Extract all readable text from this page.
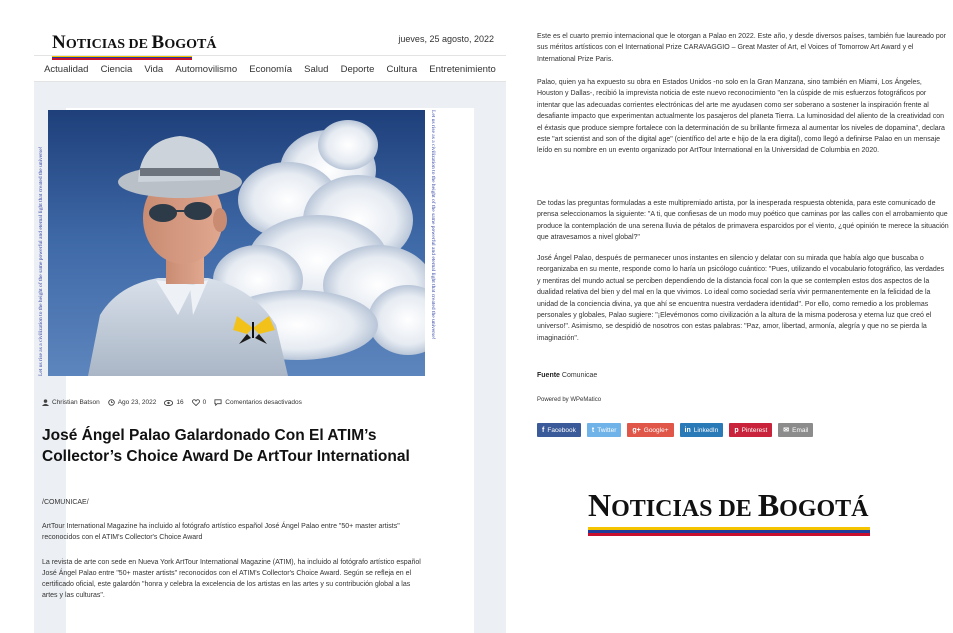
NOTICIAS DE BOGOTÁ	jueves, 25 agosto, 2022
Actualidad Ciencia Vida Automovilismo Economía Salud Deporte Cultura Entretenimiento
Let us rise as a civilization to the height of the same powerful and eternal light that created the universe!	Let us rise as a civilization to the height of the same powerful and eternal light that created the universe!
Christian Batson	Ago 23, 2022	16	0	Comentarios desactivados
José Ángel Palao Galardonado Con El ATIM’s Collector’s Choice Award De ArtTour International
/COMUNICAE/

ArtTour International Magazine ha incluido al fotógrafo artístico español José Ángel Palao entre "50+ master artists" reconocidos con el ATIM's Collector's Choice Award

La revista de arte con sede en Nueva York ArtTour International Magazine (ATIM), ha incluido al fotógrafo artístico español José Ángel Palao entre "50+ master artists" reconocidos con el ATIM's Collector's Choice Award. Según se refleja en el certificado oficial, este galardón "honra y celebra la excelencia de los artistas en las artes y su contribución global a las artes y las culturas".

Este es el cuarto premio internacional que le otorgan a Palao en 2022. Este año, y desde diversos países, también fue laureado por sus méritos artísticos con el International Prize CARAVAGGIO – Great Master of Art, el Voices of Tomorrow Art Award y el International Prize Paris.

Palao, quien ya ha expuesto su obra en Estados Unidos -no solo en la Gran Manzana, sino también en Miami, Los Ángeles, Houston y Dallas-, recibió la imprevista noticia de este nuevo reconocimiento "en la cúspide de mis esfuerzos fotográficos por intentar que las adecuadas corrientes electrónicas del arte me ayudasen como ser soberano a sostener la inspiración frente al desafiante impacto que experimentan actualmente los pasajeros del planeta Tierra. La luminosidad del aliento de la creatividad con el éxtasis que produce siempre fortalece con la determinación de su brillante firmeza al aumentar los niveles de dopamina", declara este "art scientist and son of the digital age" (científico del arte e hijo de la era digital), como llegó a definirse Palao en un mensaje leído en su nombre en un evento organizado por ArtTour International en la Universidad de Columbia en 2020.

De todas las preguntas formuladas a este multipremiado artista, por la inesperada respuesta obtenida, para este comunicado de prensa seleccionamos la siguiente: "A ti, que confiesas de un modo muy poético que caminas por las calles con el arrobamiento que produce la contemplación de una serena lluvia de pétalos de primavera esparcidos por el viento, ¿qué opinión te merece la situación que atravesamos a nivel global?"

José Ángel Palao, después de permanecer unos instantes en silencio y delatar con su mirada que había algo que buscaba o reorganizaba en su mente, responde como lo haría un psicólogo cuántico: "Pues, utilizando el vocabulario fotográfico, las verdades y mentiras del mundo actual se perciben dependiendo de la distancia focal con la que se contemplen estos dos aspectos de la dualidad relativa del bien y del mal en la que vivimos. Lo ideal como sociedad sería vivir permanentemente en la felicidad de la unidad de la conciencia divina, ya que ahí se encuentra nuestra verdadera identidad". Por ello, como remedio a los problemas personales y globales, Palao sugiere: "¡Elevémonos como civilización a la altura de la misma poderosa y eterna luz que creó el universo!". Asimismo, se despidió de nosotros con estas palabras: "Paz, amor, libertad, armonía, alegría y que no se pierda la imaginación".

Fuente Comunicae
Powered by WPeMatico
f Facebook t Twitter g+ Google+ in LinkedIn p Pinterest ✉ Email
NOTICIAS DE BOGOTÁ
